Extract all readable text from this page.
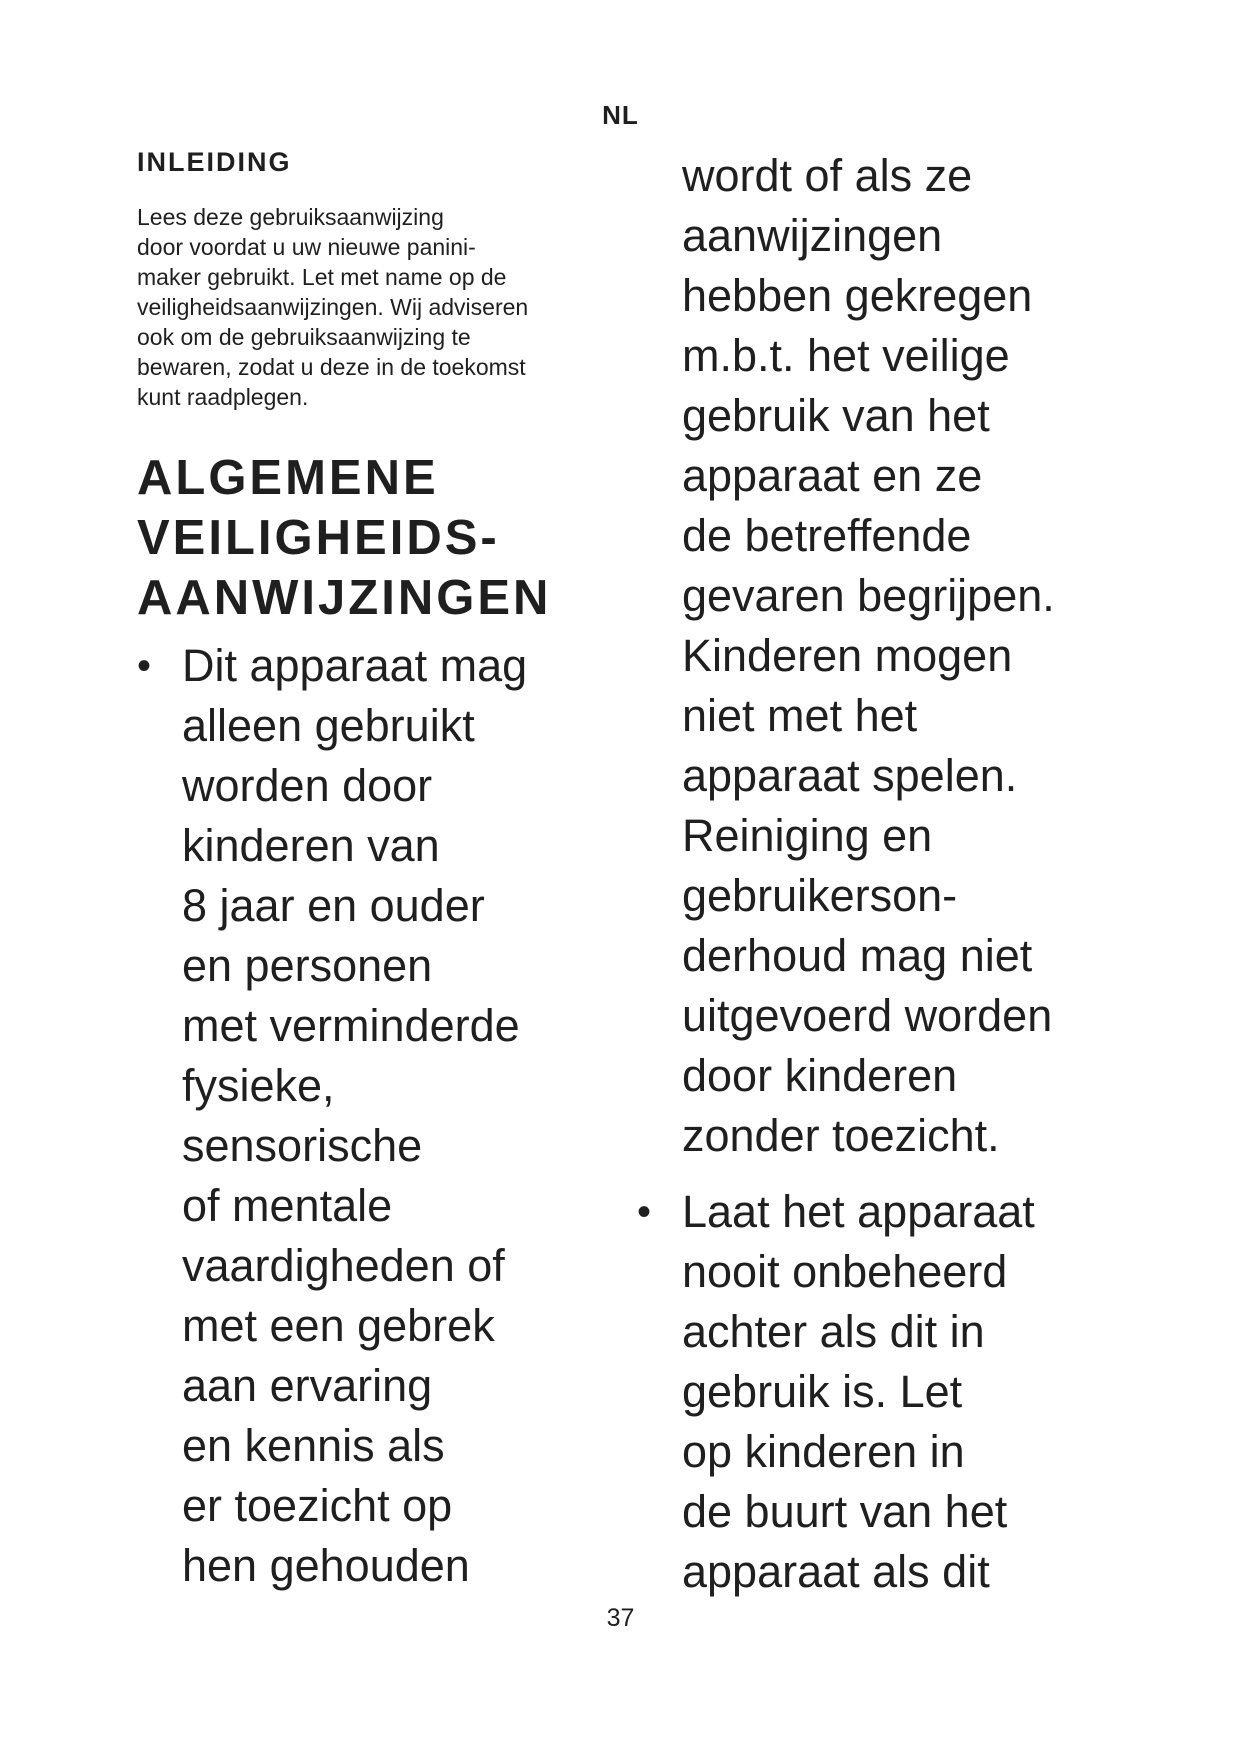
NL
INLEIDING

Lees deze gebruiksaanwijzing
door voordat u uw nieuwe panini-
maker gebruikt. Let met name op de
veiligheidsaanwijzingen. Wij adviseren
ook om de gebruiksaanwijzing te
bewaren, zodat u deze in de toekomst
kunt raadplegen.

ALGEMENE
VEILIGHEIDS-
AANWIJZINGEN
• Dit apparaat mag
alleen gebruikt
worden door
kinderen van
8 jaar en ouder
en personen
met verminderde
fysieke,
sensorische
of mentale
vaardigheden of
met een gebrek
aan ervaring
en kennis als
er toezicht op
hen gehouden
wordt of als ze
aanwijzingen
hebben gekregen
m.b.t. het veilige
gebruik van het
apparaat en ze
de betreffende
gevaren begrijpen.
Kinderen mogen
niet met het
apparaat spelen.
Reiniging en
gebruikerson-
derhoud mag niet
uitgevoerd worden
door kinderen
zonder toezicht.
• Laat het apparaat
nooit onbeheerd
achter als dit in
gebruik is. Let
op kinderen in
de buurt van het
apparaat als dit
37
